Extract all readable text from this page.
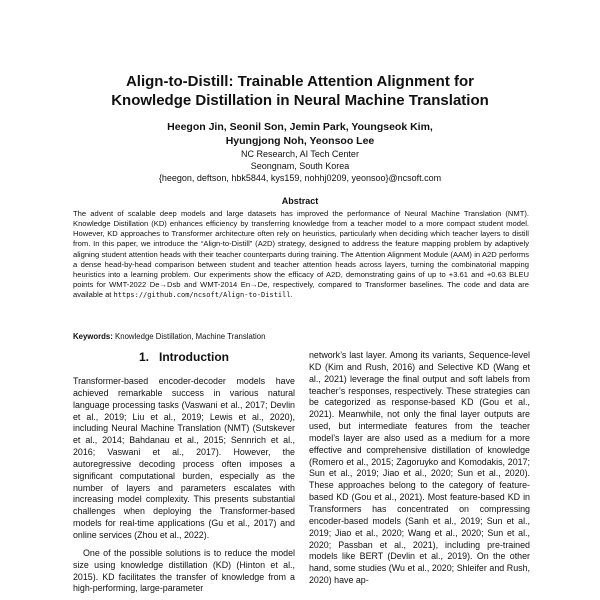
Align-to-Distill: Trainable Attention Alignment for
Knowledge Distillation in Neural Machine Translation
Heegon Jin, Seonil Son, Jemin Park, Youngseok Kim,
Hyungjong Noh, Yeonsoo Lee
NC Research, AI Tech Center
Seongnam, South Korea
{heegon, deftson, hbk5844, kys159, nohhj0209, yeonsoo}@ncsoft.com
Abstract
The advent of scalable deep models and large datasets has improved the performance of Neural Machine Translation (NMT). Knowledge Distillation (KD) enhances efficiency by transferring knowledge from a teacher model to a more compact student model. However, KD approaches to Transformer architecture often rely on heuristics, particularly when deciding which teacher layers to distill from. In this paper, we introduce the “Align-to-Distill” (A2D) strategy, designed to address the feature mapping problem by adaptively aligning student attention heads with their teacher counterparts during training. The Attention Alignment Module (AAM) in A2D performs a dense head-by-head comparison between student and teacher attention heads across layers, turning the combinatorial mapping heuristics into a learning problem. Our experiments show the efficacy of A2D, demonstrating gains of up to +3.61 and +0.63 BLEU points for WMT-2022 De→Dsb and WMT-2014 En→De, respectively, compared to Transformer baselines. The code and data are available at https://github.com/ncsoft/Align-to-Distill.
Keywords: Knowledge Distillation, Machine Translation
1. Introduction

Transformer-based encoder-decoder models have achieved remarkable success in various natural language processing tasks (Vaswani et al., 2017; Devlin et al., 2019; Liu et al., 2019; Lewis et al., 2020), including Neural Machine Translation (NMT) (Sutskever et al., 2014; Bahdanau et al., 2015; Sennrich et al., 2016; Vaswani et al., 2017). However, the autoregressive decoding process often imposes a significant computational burden, especially as the number of layers and parameters escalates with increasing model complexity. This presents substantial challenges when deploying the Transformer-based models for real-time applications (Gu et al., 2017) and online services (Zhou et al., 2022).

One of the possible solutions is to reduce the model size using knowledge distillation (KD) (Hinton et al., 2015). KD facilitates the transfer of knowledge from a high-performing, large-parameter

network’s last layer. Among its variants, Sequence-level KD (Kim and Rush, 2016) and Selective KD (Wang et al., 2021) leverage the final output and soft labels from teacher’s responses, respectively. These strategies can be categorized as response-based KD (Gou et al., 2021). Meanwhile, not only the final layer outputs are used, but intermediate features from the teacher model’s layer are also used as a medium for a more effective and comprehensive distillation of knowledge (Romero et al., 2015; Zagoruyko and Komodakis, 2017; Sun et al., 2019; Jiao et al., 2020; Sun et al., 2020). These approaches belong to the category of feature-based KD (Gou et al., 2021). Most feature-based KD in Transformers has concentrated on compressing encoder-based models (Sanh et al., 2019; Sun et al., 2019; Jiao et al., 2020; Wang et al., 2020; Sun et al., 2020; Passban et al., 2021), including pre-trained models like BERT (Devlin et al., 2019). On the other hand, some studies (Wu et al., 2020; Shleifer and Rush, 2020) have ap-
